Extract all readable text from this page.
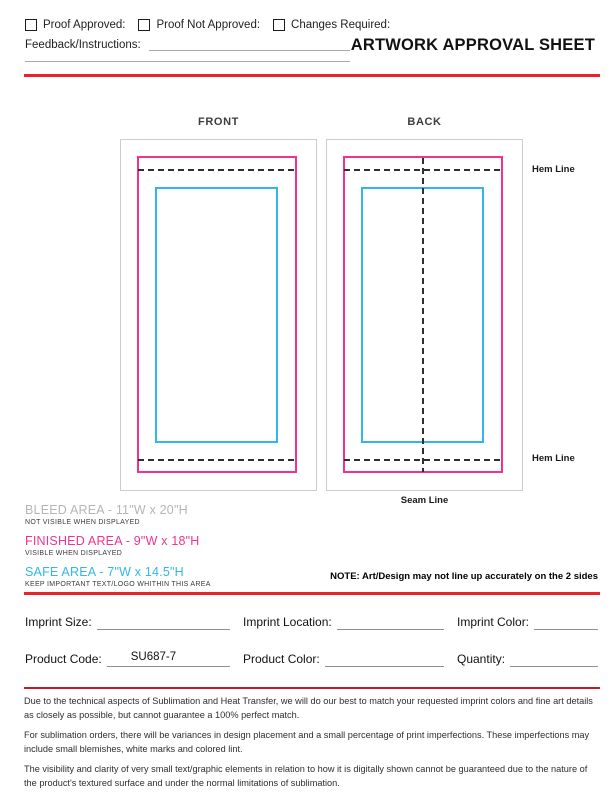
Proof Approved:	Proof Not Approved:	Changes Required:
Feedback/Instructions:	ARTWORK APPROVAL SHEET
FRONT	BACK
Hem Line
Hem Line
Seam Line
BLEED AREA - 11"W x 20"H
NOT VISIBLE WHEN DISPLAYED
FINISHED AREA - 9"W x 18"H
VISIBLE WHEN DISPLAYED
SAFE AREA - 7"W x 14.5"H
KEEP IMPORTANT TEXT/LOGO WHITHIN THIS AREA
NOTE: Art/Design may not line up accurately on the 2 sides
Imprint Size:	Imprint Location:	Imprint Color:
Product Code:	SU687-7	Product Color:	Quantity:

Due to the technical aspects of Sublimation and Heat Transfer, we will do our best to match your requested imprint colors and fine art details as closely as possible, but cannot guarantee a 100% perfect match.

For sublimation orders, there will be variances in design placement and a small percentage of print imperfections. These imperfections may include small blemishes, white marks and colored lint.

The visibility and clarity of very small text/graphic elements in relation to how it is digitally shown cannot be guaranteed due to the nature of the product's textured surface and under the normal limitations of sublimation.
